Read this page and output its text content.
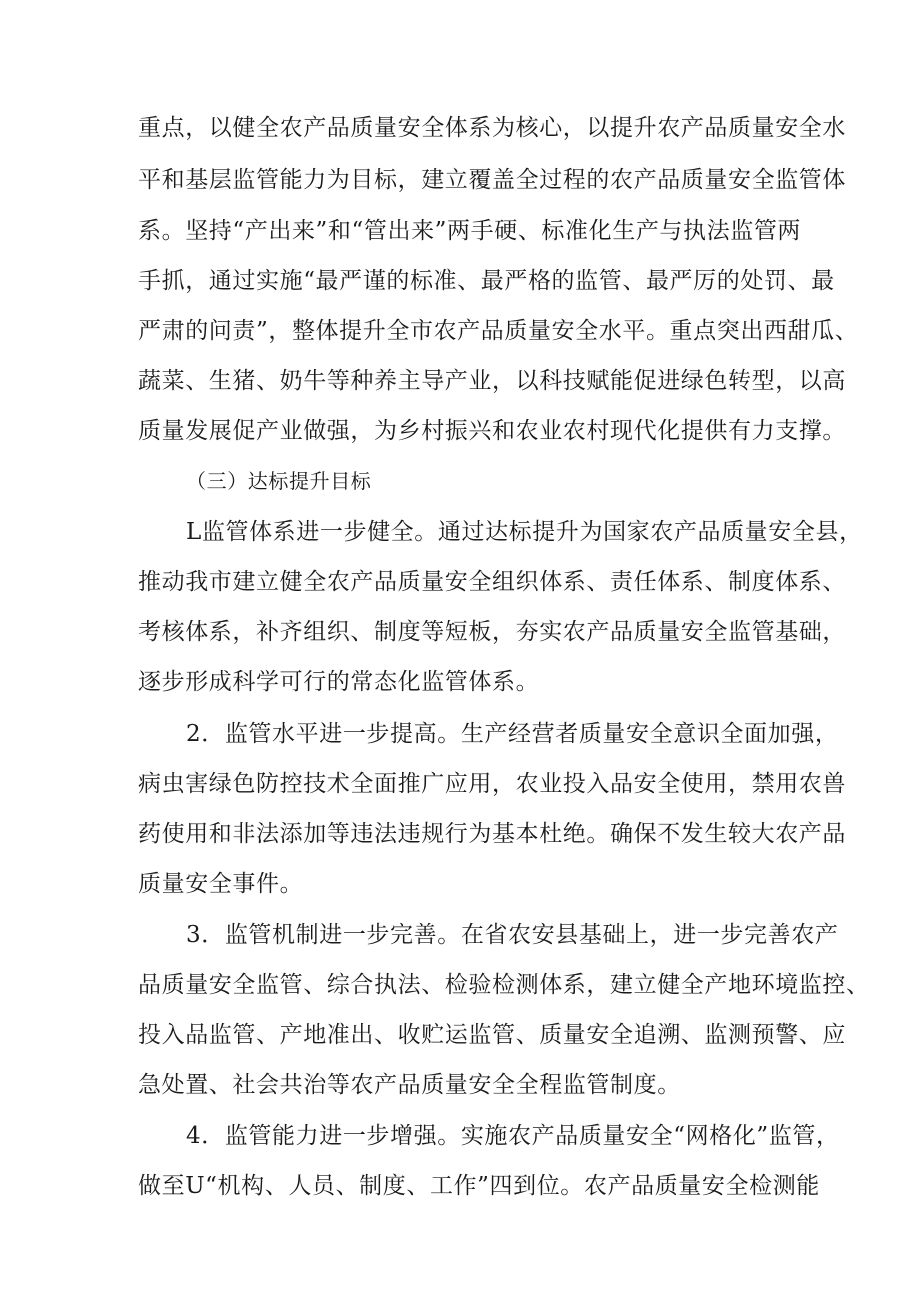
重点，以健全农产品质量安全体系为核心，以提升农产品质量安全水
平和基层监管能力为目标，建立覆盖全过程的农产品质量安全监管体
系。坚持“产出来”和“管出来”两手硬、标准化生产与执法监管两
手抓，通过实施“最严谨的标准、最严格的监管、最严厉的处罚、最
严肃的问责”，整体提升全市农产品质量安全水平。重点突出西甜瓜、
蔬菜、生猪、奶牛等种养主导产业，以科技赋能促进绿色转型，以高
质量发展促产业做强，为乡村振兴和农业农村现代化提供有力支撑。
（三）达标提升目标
L监管体系进一步健全。通过达标提升为国家农产品质量安全县，
推动我市建立健全农产品质量安全组织体系、责任体系、制度体系、
考核体系，补齐组织、制度等短板，夯实农产品质量安全监管基础，
逐步形成科学可行的常态化监管体系。
2．监管水平进一步提高。生产经营者质量安全意识全面加强，
病虫害绿色防控技术全面推广应用，农业投入品安全使用，禁用农兽
药使用和非法添加等违法违规行为基本杜绝。确保不发生较大农产品
质量安全事件。
3．监管机制进一步完善。在省农安县基础上，进一步完善农产
品质量安全监管、综合执法、检验检测体系，建立健全产地环境监控、
投入品监管、产地准出、收贮运监管、质量安全追溯、监测预警、应
急处置、社会共治等农产品质量安全全程监管制度。
4．监管能力进一步增强。实施农产品质量安全“网格化”监管，
做至U“机构、人员、制度、工作”四到位。农产品质量安全检测能
